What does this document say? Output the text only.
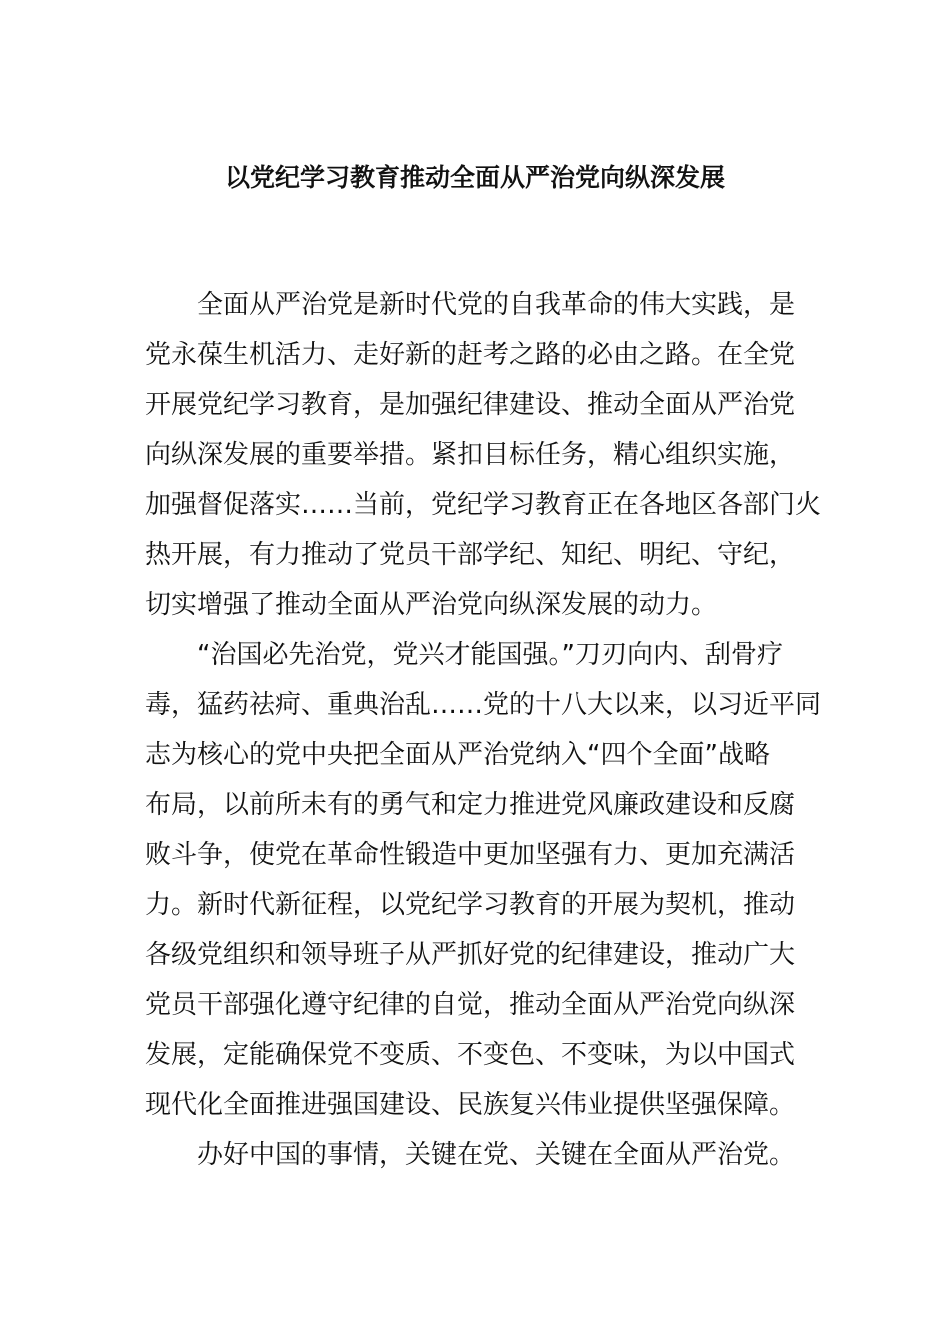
以党纪学习教育推动全面从严治党向纵深发展
全面从严治党是新时代党的自我革命的伟大实践，是
党永葆生机活力、走好新的赶考之路的必由之路。在全党
开展党纪学习教育，是加强纪律建设、推动全面从严治党
向纵深发展的重要举措。紧扣目标任务，精心组织实施，
加强督促落实……当前，党纪学习教育正在各地区各部门火
热开展，有力推动了党员干部学纪、知纪、明纪、守纪，
切实增强了推动全面从严治党向纵深发展的动力。
“治国必先治党，党兴才能国强。”刀刃向内、刮骨疗
毒，猛药祛疴、重典治乱……党的十八大以来，以习近平同
志为核心的党中央把全面从严治党纳入“四个全面”战略
布局，以前所未有的勇气和定力推进党风廉政建设和反腐
败斗争，使党在革命性锻造中更加坚强有力、更加充满活
力。新时代新征程，以党纪学习教育的开展为契机，推动
各级党组织和领导班子从严抓好党的纪律建设，推动广大
党员干部强化遵守纪律的自觉，推动全面从严治党向纵深
发展，定能确保党不变质、不变色、不变味，为以中国式
现代化全面推进强国建设、民族复兴伟业提供坚强保障。
办好中国的事情，关键在党、关键在全面从严治党。
